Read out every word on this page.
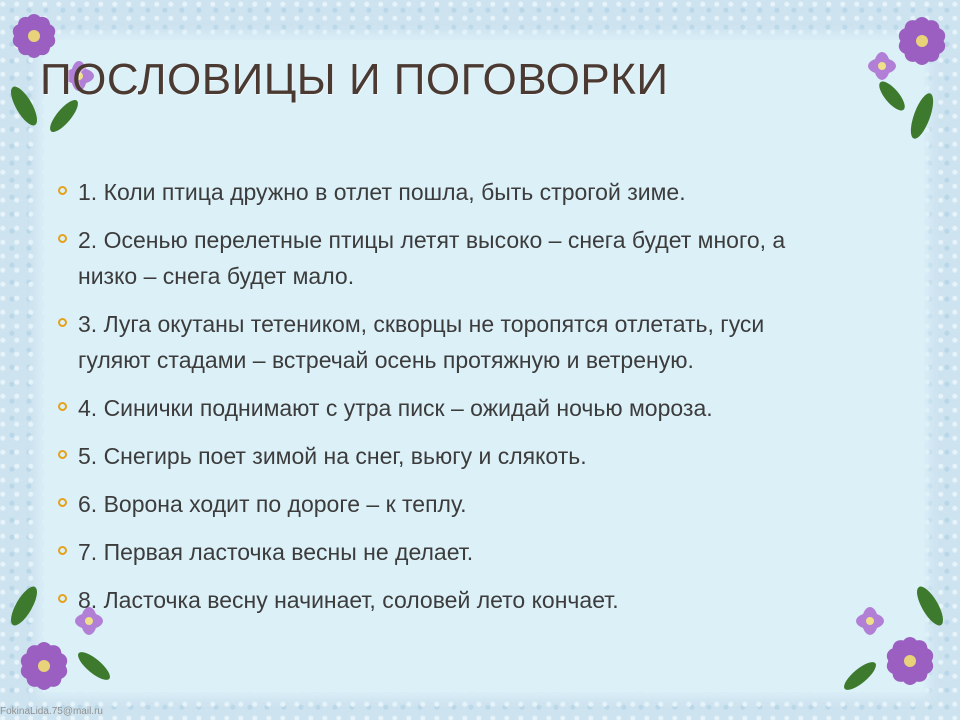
ПОСЛОВИЦЫ И ПОГОВОРКИ
1. Коли птица дружно в отлет пошла, быть строгой зиме.
2. Осенью перелетные птицы летят высоко – снега будет много, а низко – снега будет мало.
3. Луга окутаны тетеником, скворцы не торопятся отлетать, гуси гуляют стадами – встречай осень протяжную и ветреную.
4. Синички поднимают с утра писк – ожидай ночью мороза.
5. Снегирь поет зимой на снег, вьюгу и слякоть.
6. Ворона ходит по дороге – к теплу.
7. Первая ласточка весны не делает.
8. Ласточка весну начинает, соловей лето кончает.
FokinaLida.75@mail.ru
